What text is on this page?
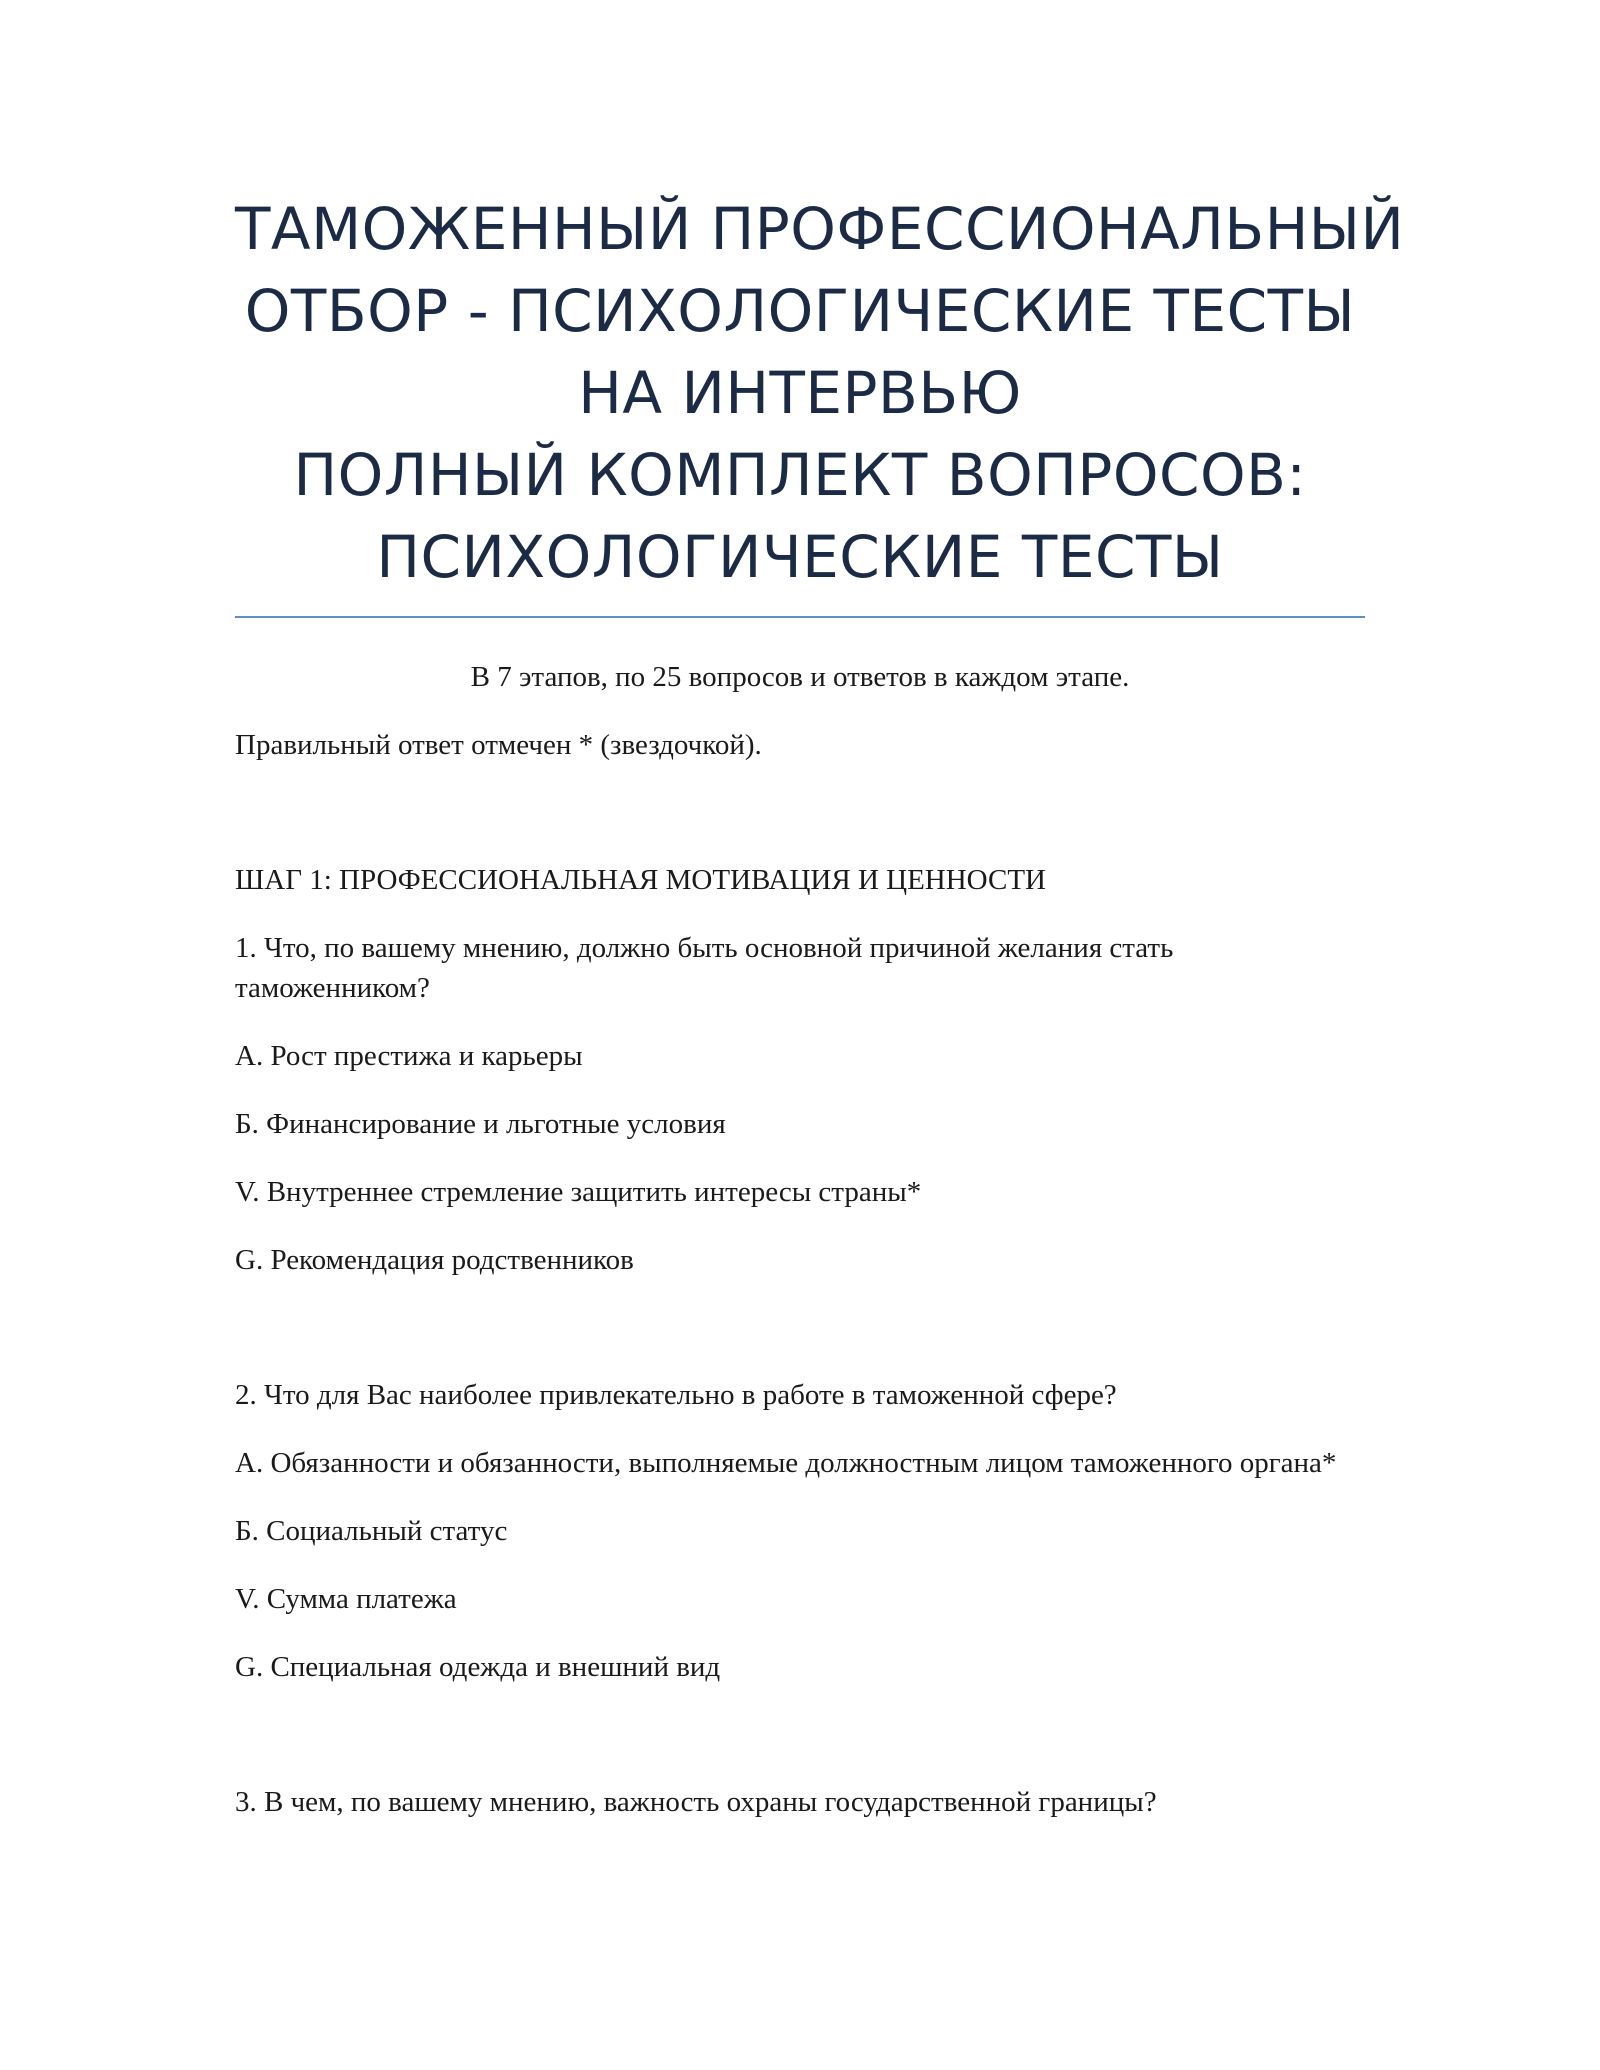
ТАМОЖЕННЫЙ ПРОФЕССИОНАЛЬНЫЙ
ОТБОР - ПСИХОЛОГИЧЕСКИЕ ТЕСТЫ
НА ИНТЕРВЬЮ
ПОЛНЫЙ КОМПЛЕКТ ВОПРОСОВ:
ПСИХОЛОГИЧЕСКИЕ ТЕСТЫ

В 7 этапов, по 25 вопросов и ответов в каждом этапе.

Правильный ответ отмечен * (звездочкой).

ШАГ 1: ПРОФЕССИОНАЛЬНАЯ МОТИВАЦИЯ И ЦЕННОСТИ

1. Что, по вашему мнению, должно быть основной причиной желания стать таможенником?

А. Рост престижа и карьеры

Б. Финансирование и льготные условия

V. Внутреннее стремление защитить интересы страны*

G. Рекомендация родственников

2. Что для Вас наиболее привлекательно в работе в таможенной сфере?

А. Обязанности и обязанности, выполняемые должностным лицом таможенного органа*

Б. Социальный статус

V. Сумма платежа

G. Специальная одежда и внешний вид

3. В чем, по вашему мнению, важность охраны государственной границы?
